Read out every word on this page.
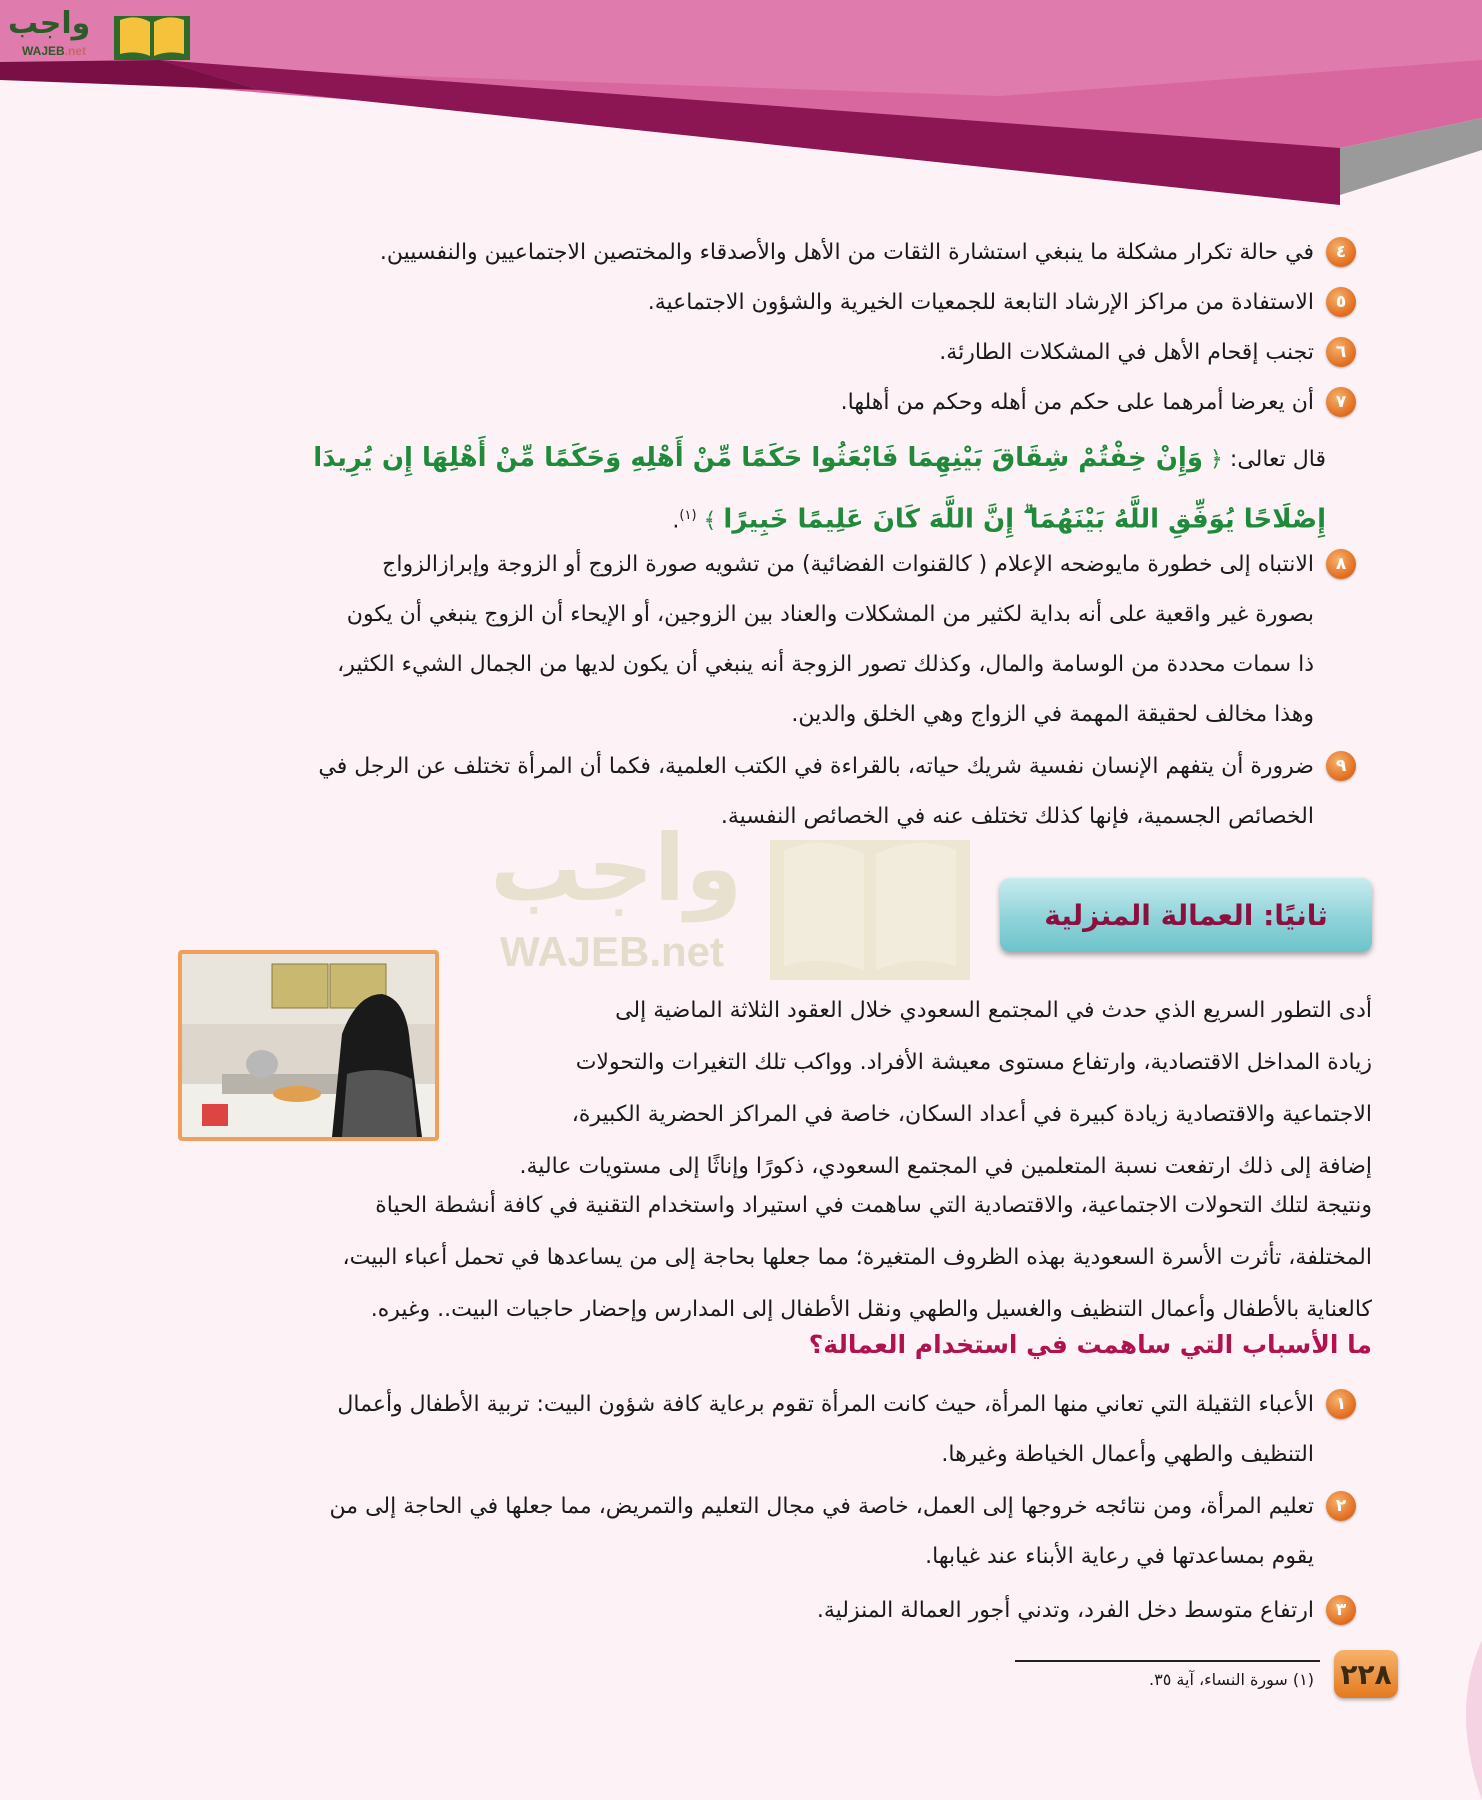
واجب
WAJEB.net
واجب
WAJEB.net
٤
في حالة تكرار مشكلة ما ينبغي استشارة الثقات من الأهل والأصدقاء والمختصين الاجتماعيين والنفسيين.
٥
الاستفادة من مراكز الإرشاد التابعة للجمعيات الخيرية والشؤون الاجتماعية.
٦
تجنب إقحام الأهل في المشكلات الطارئة.
٧
أن يعرضا أمرهما على حكم من أهله وحكم من أهلها.
قال تعالى: ﴿ وَإِنْ خِفْتُمْ شِقَاقَ بَيْنِهِمَا فَابْعَثُوا حَكَمًا مِّنْ أَهْلِهِ وَحَكَمًا مِّنْ أَهْلِهَا إِن يُرِيدَا إِصْلَاحًا يُوَفِّقِ اللَّهُ بَيْنَهُمَا ۗ إِنَّ اللَّهَ كَانَ عَلِيمًا خَبِيرًا ﴾ $^{(١)}$.
٨
الانتباه إلى خطورة مايوضحه الإعلام ( كالقنوات الفضائية) من تشويه صورة الزوج أو الزوجة وإبرازالزواج
بصورة غير واقعية على أنه بداية لكثير من المشكلات والعناد بين الزوجين، أو الإيحاء أن الزوج ينبغي أن يكون
ذا سمات محددة من الوسامة والمال، وكذلك تصور الزوجة أنه ينبغي أن يكون لديها من الجمال الشيء الكثير،
وهذا مخالف لحقيقة المهمة في الزواج وهي الخلق والدين.
٩
ضرورة أن يتفهم الإنسان نفسية شريك حياته، بالقراءة في الكتب العلمية، فكما أن المرأة تختلف عن الرجل في
الخصائص الجسمية، فإنها كذلك تختلف عنه في الخصائص النفسية.
ثانيًا: العمالة المنزلية
أدى التطور السريع الذي حدث في المجتمع السعودي خلال العقود الثلاثة الماضية إلى
زيادة المداخل الاقتصادية، وارتفاع مستوى معيشة الأفراد. وواكب تلك التغيرات والتحولات
الاجتماعية والاقتصادية زيادة كبيرة في أعداد السكان، خاصة في المراكز الحضرية الكبيرة،
إضافة إلى ذلك ارتفعت نسبة المتعلمين في المجتمع السعودي، ذكورًا وإناثًا إلى مستويات عالية.
ونتيجة لتلك التحولات الاجتماعية، والاقتصادية التي ساهمت في استيراد واستخدام التقنية في كافة أنشطة الحياة
المختلفة، تأثرت الأسرة السعودية بهذه الظروف المتغيرة؛ مما جعلها بحاجة إلى من يساعدها في تحمل أعباء البيت،
كالعناية بالأطفال وأعمال التنظيف والغسيل والطهي ونقل الأطفال إلى المدارس وإحضار حاجيات البيت.. وغيره.
ما الأسباب التي ساهمت في استخدام العمالة؟
١
الأعباء الثقيلة التي تعاني منها المرأة، حيث كانت المرأة تقوم برعاية كافة شؤون البيت: تربية الأطفال وأعمال
التنظيف والطهي وأعمال الخياطة وغيرها.
٢
تعليم المرأة، ومن نتائجه خروجها إلى العمل، خاصة في مجال التعليم والتمريض، مما جعلها في الحاجة إلى من
يقوم بمساعدتها في رعاية الأبناء عند غيابها.
٣
ارتفاع متوسط دخل الفرد، وتدني أجور العمالة المنزلية.
(١) سورة النساء، آية ٣٥. ٢٢٨
